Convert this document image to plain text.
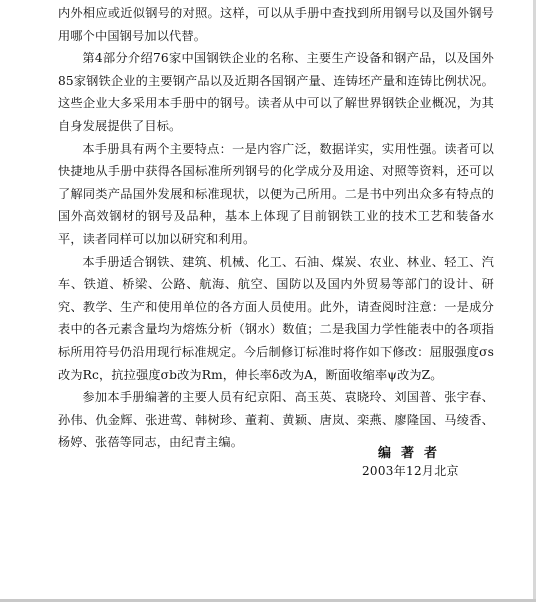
内外相应或近似钢号的对照。这样，可以从手册中查找到所用钢号以及国外钢号用哪个中国钢号加以代替。

第4部分介绍76家中国钢铁企业的名称、主要生产设备和钢产品，以及国外85家钢铁企业的主要钢产品以及近期各国钢产量、连铸坯产量和连铸比例状况。这些企业大多采用本手册中的钢号。读者从中可以了解世界钢铁企业概况，为其自身发展提供了目标。

本手册具有两个主要特点：一是内容广泛，数据详实，实用性强。读者可以快捷地从手册中获得各国标准所列钢号的化学成分及用途、对照等资料，还可以了解同类产品国外发展和标准现状，以便为己所用。二是书中列出众多有特点的国外高效钢材的钢号及品种，基本上体现了目前钢铁工业的技术工艺和装备水平，读者同样可以加以研究和利用。

本手册适合钢铁、建筑、机械、化工、石油、煤炭、农业、林业、轻工、汽车、铁道、桥梁、公路、航海、航空、国防以及国内外贸易等部门的设计、研究、教学、生产和使用单位的各方面人员使用。此外，请查阅时注意：一是成分表中的各元素含量均为熔炼分析（钢水）数值；二是我国力学性能表中的各项指标所用符号仍沿用现行标准规定。今后制修订标准时将作如下修改：屈服强度σs改为Rc，抗拉强度σb改为Rm，伸长率δ改为A，断面收缩率ψ改为Z。

参加本手册编著的主要人员有纪京阳、高玉英、袁晓玲、刘国普、张宇春、孙伟、仇金辉、张进莺、韩树珍、董莉、黄颖、唐岚、栾燕、廖隆国、马绫香、杨婷、张蓓等同志，由纪青主编。

编著者
2003年12月北京
